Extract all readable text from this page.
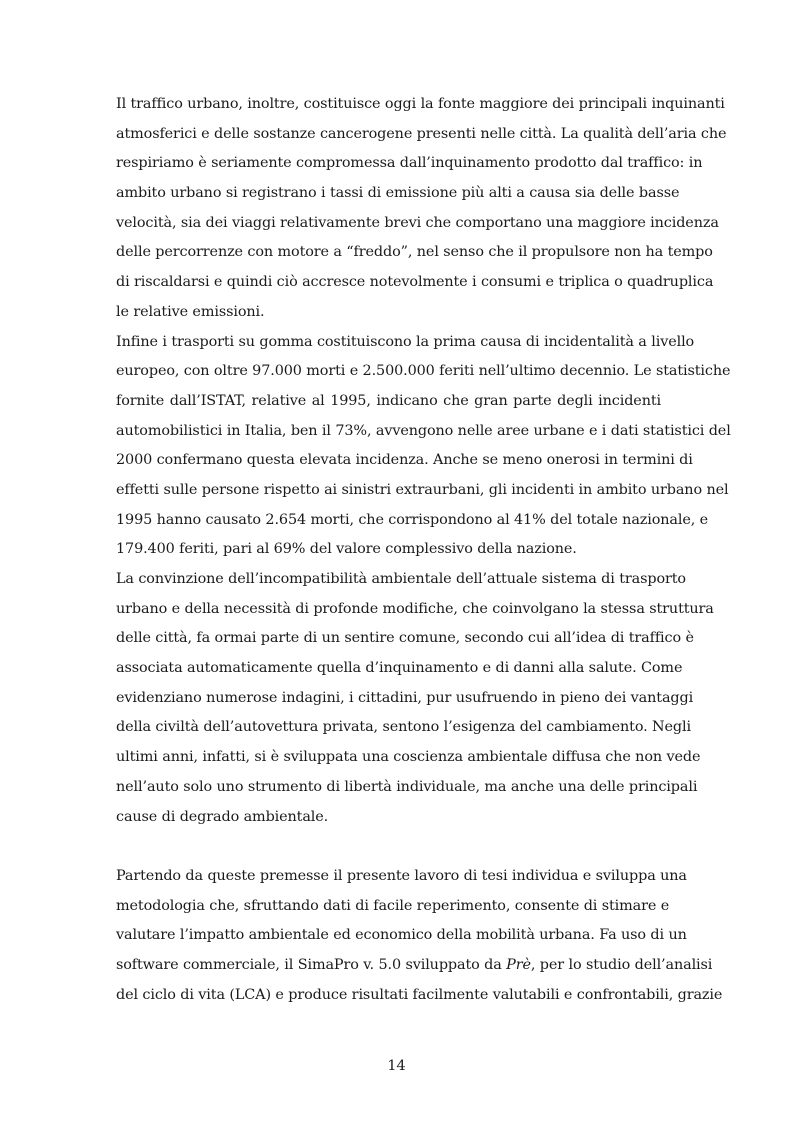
Il traffico urbano, inoltre, costituisce oggi la fonte maggiore dei principali inquinanti
atmosferici e delle sostanze cancerogene presenti nelle città. La qualità dell’aria che
respiriamo è seriamente compromessa dall’inquinamento prodotto dal traffico: in
ambito urbano si registrano i tassi di emissione più alti a causa sia delle basse
velocità, sia dei viaggi relativamente brevi che comportano una maggiore incidenza
delle percorrenze con motore a “freddo”, nel senso che il propulsore non ha tempo
di riscaldarsi e quindi ciò accresce notevolmente i consumi e triplica o quadruplica
le relative emissioni.
Infine i trasporti su gomma costituiscono la prima causa di incidentalità a livello
europeo, con oltre 97.000 morti e 2.500.000 feriti nell’ultimo decennio. Le statistiche
fornite dall’ISTAT, relative al 1995, indicano che gran parte degli incidenti
automobilistici in Italia, ben il 73%, avvengono nelle aree urbane e i dati statistici del
2000 confermano questa elevata incidenza. Anche se meno onerosi in termini di
effetti sulle persone rispetto ai sinistri extraurbani, gli incidenti in ambito urbano nel
1995 hanno causato 2.654 morti, che corrispondono al 41% del totale nazionale, e
179.400 feriti, pari al 69% del valore complessivo della nazione.
La convinzione dell’incompatibilità ambientale dell’attuale sistema di trasporto
urbano e della necessità di profonde modifiche, che coinvolgano la stessa struttura
delle città, fa ormai parte di un sentire comune, secondo cui all’idea di traffico è
associata automaticamente quella d’inquinamento e di danni alla salute. Come
evidenziano numerose indagini, i cittadini, pur usufruendo in pieno dei vantaggi
della civiltà dell’autovettura privata, sentono l’esigenza del cambiamento. Negli
ultimi anni, infatti, si è sviluppata una coscienza ambientale diffusa che non vede
nell’auto solo uno strumento di libertà individuale, ma anche una delle principali
cause di degrado ambientale.
Partendo da queste premesse il presente lavoro di tesi individua e sviluppa una
metodologia che, sfruttando dati di facile reperimento, consente di stimare e
valutare l’impatto ambientale ed economico della mobilità urbana. Fa uso di un
software commerciale, il SimaPro v. 5.0 sviluppato da Prè, per lo studio dell’analisi
del ciclo di vita (LCA) e produce risultati facilmente valutabili e confrontabili, grazie
14
